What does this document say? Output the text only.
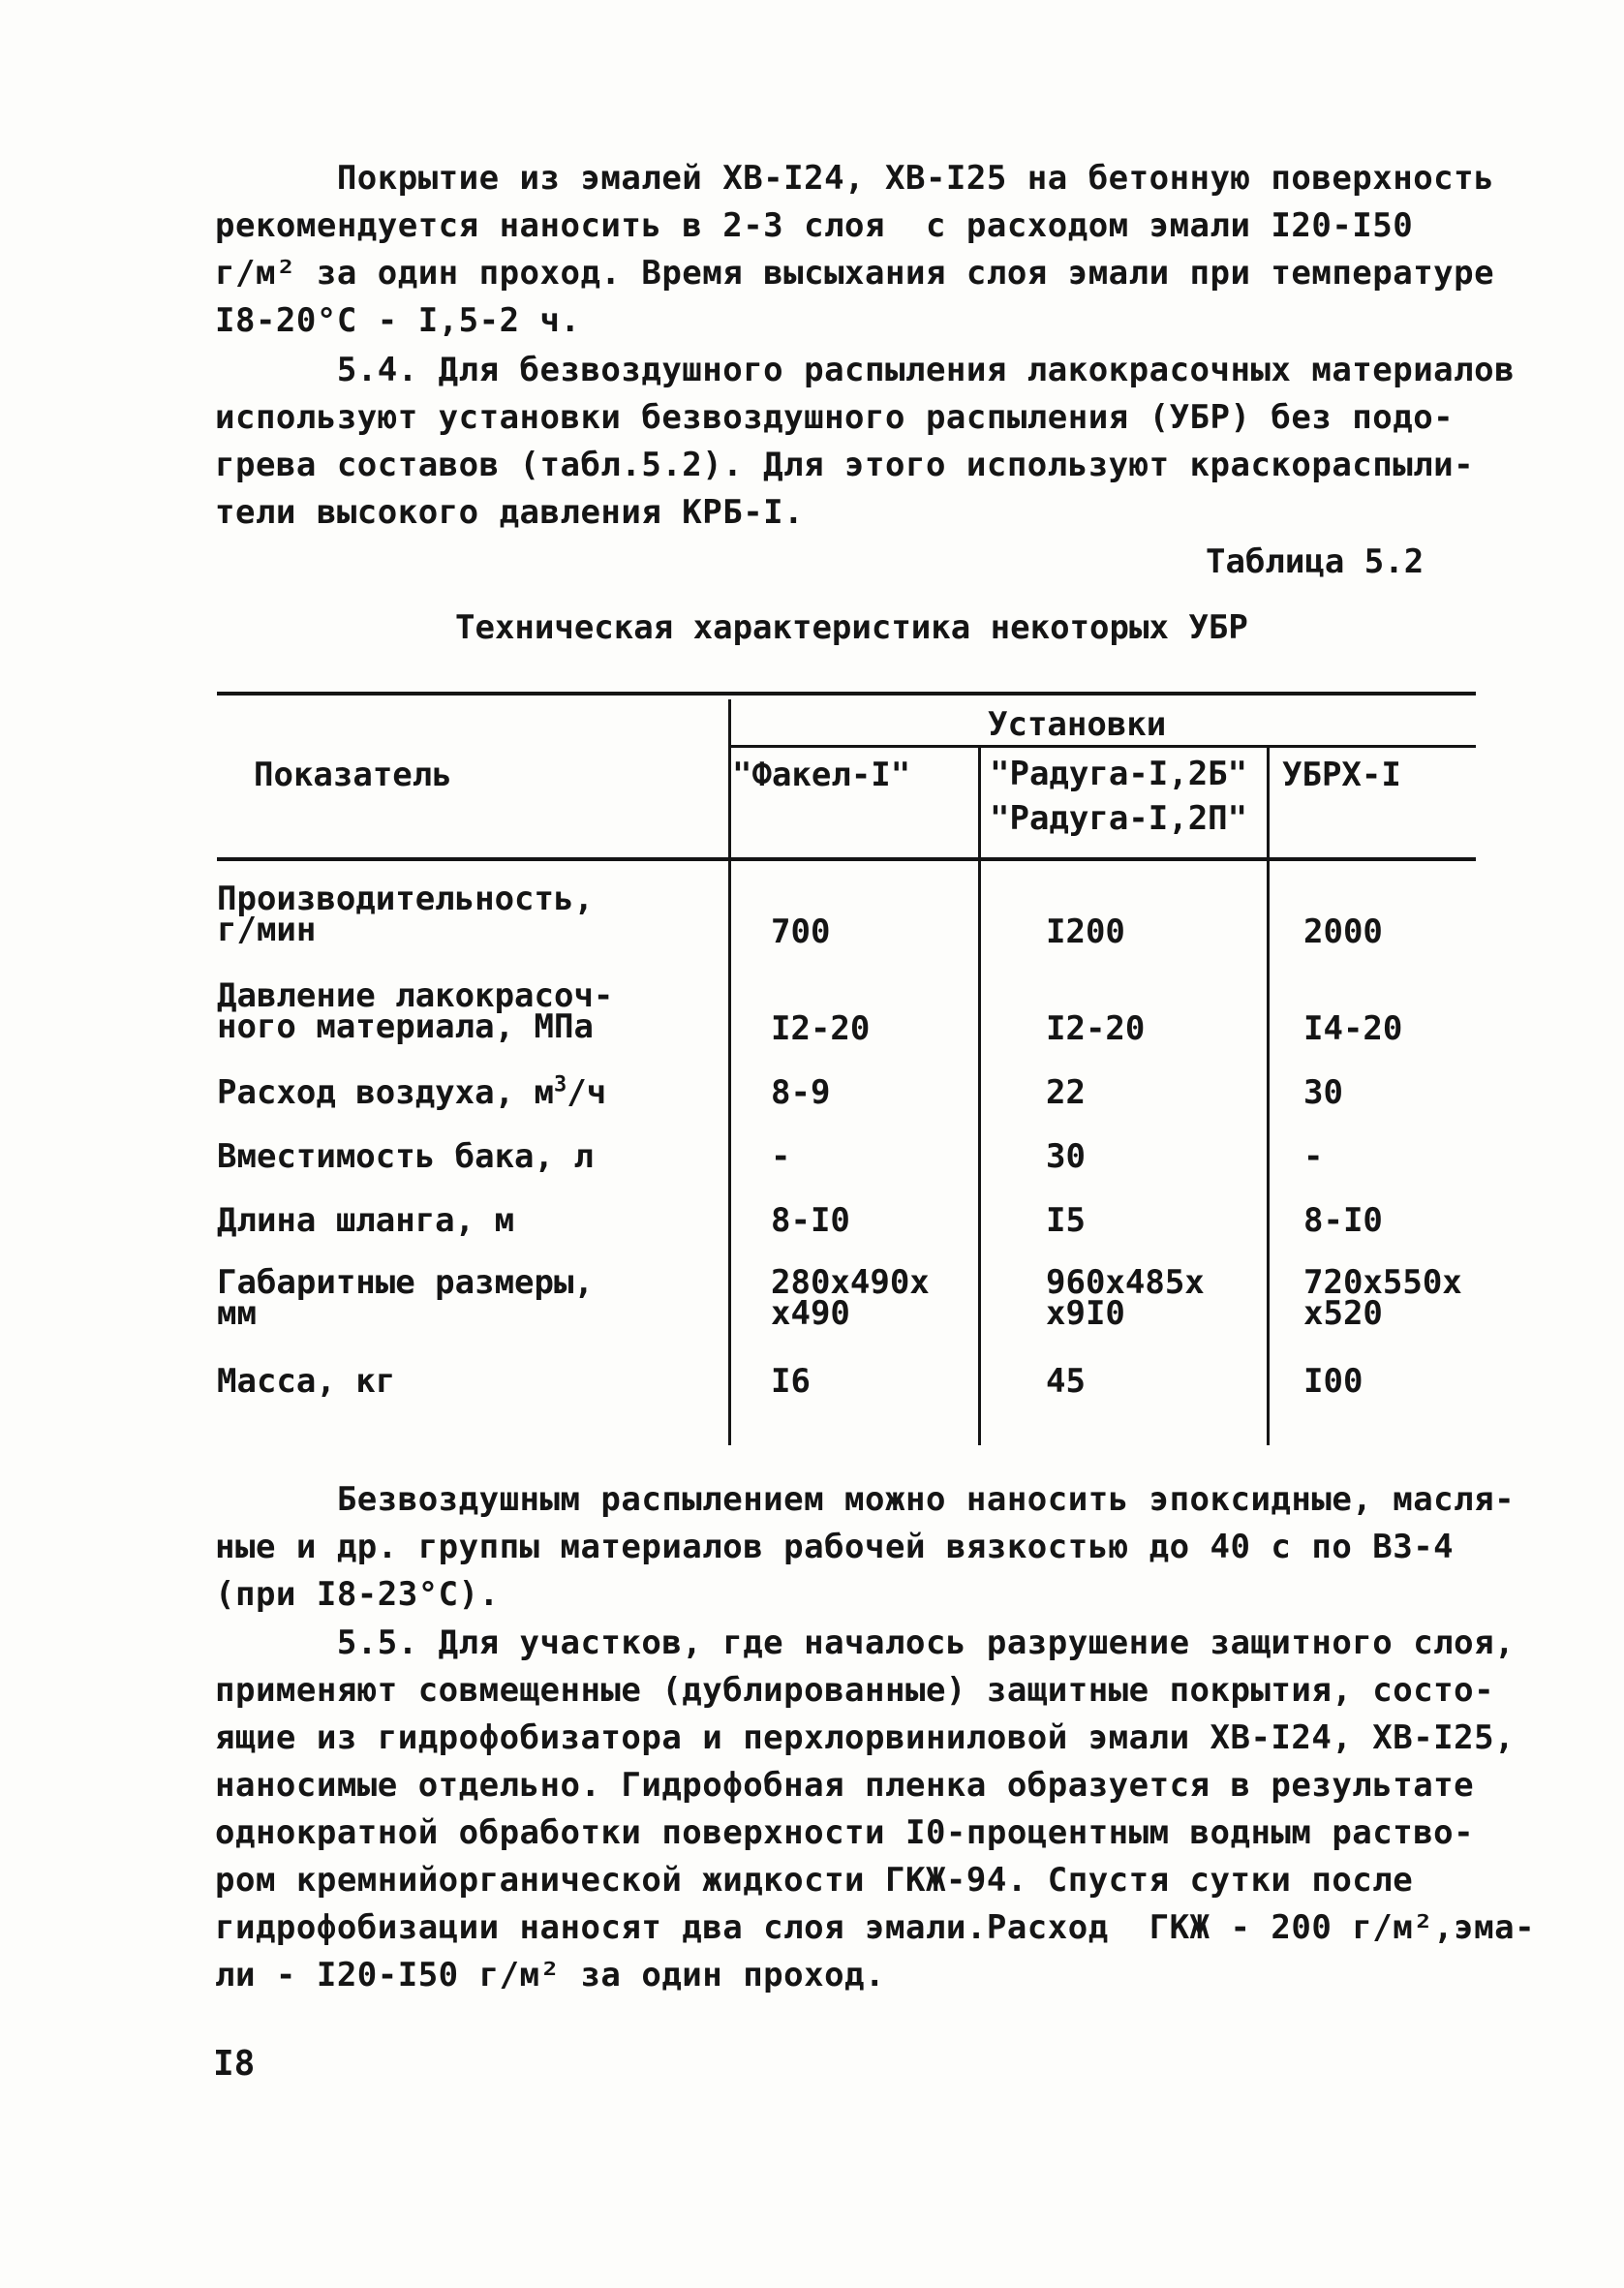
Покрытие из эмалей ХВ-I24, ХВ-I25 на бетонную поверхность
рекомендуется наносить в 2-3 слоя  с расходом эмали I20-I50
г/м² за один проход. Время высыхания слоя эмали при температуре
I8-20°С - I,5-2 ч.
5.4. Для безвоздушного распыления лакокрасочных материалов
используют установки безвоздушного распыления (УБР) без подо-
грева составов (табл.5.2). Для этого используют краскораспыли-
тели высокого давления КРБ-I.
Таблица 5.2
Техническая характеристика некоторых УБР
Показатель
Установки
"Факел-I" "Радуга-I,2Б"
"Радуга-I,2П"
УБРХ-I
Производительность,
г/мин	700	I200	2000
Давление лакокрасоч-
ного материала, МПа	I2-20	I2-20	I4-20
Расход воздуха, $м^3/ч$	8-9	22	30
Вместимость бака, л	-	30	-
Длина шланга, м	8-I0	I5	8-I0
Габаритные размеры,
мм
280х490х
х490
960х485х
х9I0
720х550х
х520
Масса, кг	I6	45	I00
Безвоздушным распылением можно наносить эпоксидные, масля-
ные и др. группы материалов рабочей вязкостью до 40 с по ВЗ-4
(при I8-23°С).
5.5. Для участков, где началось разрушение защитного слоя,
применяют совмещенные (дублированные) защитные покрытия, состо-
ящие из гидрофобизатора и перхлорвиниловой эмали ХВ-I24, ХВ-I25,
наносимые отдельно. Гидрофобная пленка образуется в результате
однократной обработки поверхности I0-процентным водным раство-
ром кремнийорганической жидкости ГКЖ-94. Спустя сутки после
гидрофобизации наносят два слоя эмали.Расход  ГКЖ - 200 г/м²,эма-
ли - I20-I50 г/м² за один проход.
I8
